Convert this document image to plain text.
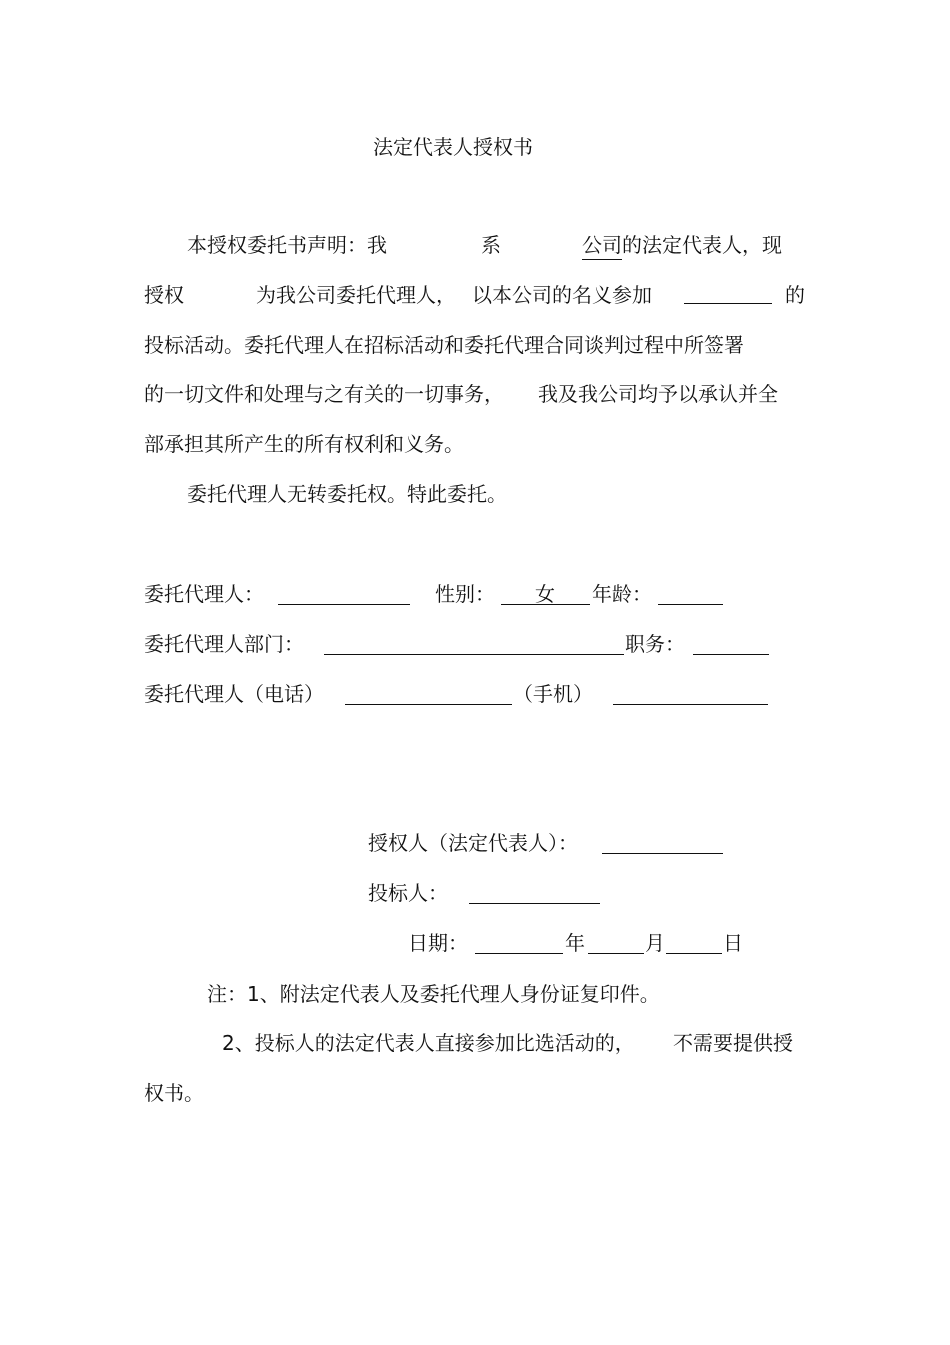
法定代表人授权书
本授权委托书声明：我	系	公司 的法定代表人，现
授权	为我公司委托代理人， 以本公司的名义参加	的
投标活动。委托代理人在招标活动和委托代理合同谈判过程中所签署
的一切文件和处理与之有关的一切事务， 我及我公司均予以承认并全
部承担其所产生的所有权利和义务。
委托代理人无转委托权。特此委托。
委托代理人：	性别： 女 年龄：
委托代理人部门：	职务：
委托代理人（电话）	（手机）
授权人（法定代表人）：
投标人：
日期：	年	月	日
注：1、附法定代表人及委托代理人身份证复印件。
2、投标人的法定代表人直接参加比选活动的， 不需要提供授
权书。
